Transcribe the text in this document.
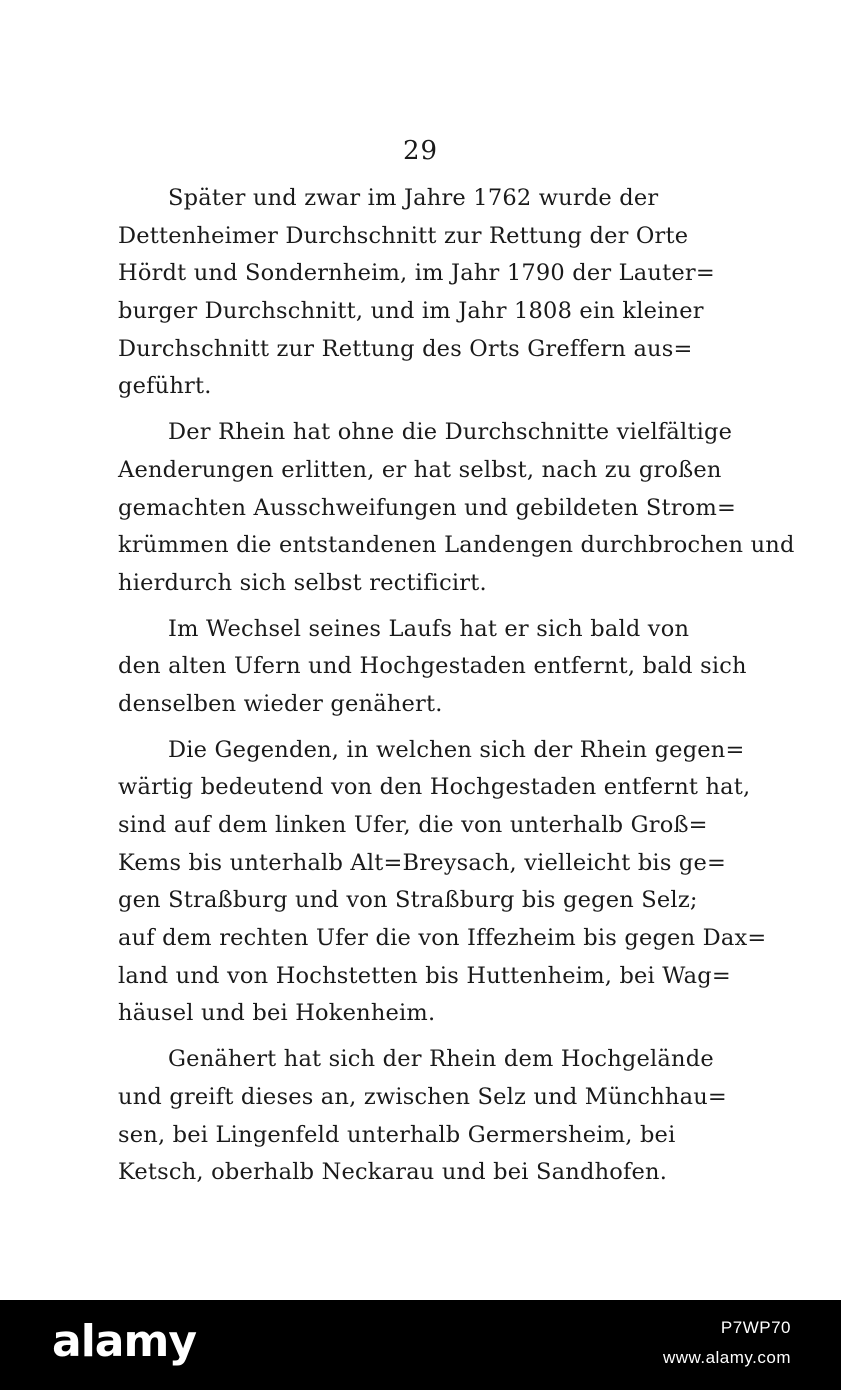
29
Später und zwar im Jahre 1762 wurde der
Dettenheimer Durchschnitt zur Rettung der Orte
Hördt und Sondernheim, im Jahr 1790 der Lauter=
burger Durchschnitt, und im Jahr 1808 ein kleiner
Durchschnitt zur Rettung des Orts Greffern aus=
geführt.
Der Rhein hat ohne die Durchschnitte vielfältige
Aenderungen erlitten, er hat selbst, nach zu großen
gemachten Ausschweifungen und gebildeten Strom=
krümmen die entstandenen Landengen durchbrochen und
hierdurch sich selbst rectificirt.
Im Wechsel seines Laufs hat er sich bald von
den alten Ufern und Hochgestaden entfernt, bald sich
denselben wieder genähert.
Die Gegenden, in welchen sich der Rhein gegen=
wärtig bedeutend von den Hochgestaden entfernt hat,
sind auf dem linken Ufer, die von unterhalb Groß=
Kems bis unterhalb Alt=Breysach, vielleicht bis ge=
gen Straßburg und von Straßburg bis gegen Selz;
auf dem rechten Ufer die von Iffezheim bis gegen Dax=
land und von Hochstetten bis Huttenheim, bei Wag=
häusel und bei Hokenheim.
Genähert hat sich der Rhein dem Hochgelände
und greift dieses an, zwischen Selz und Münchhau=
sen, bei Lingenfeld unterhalb Germersheim, bei
Ketsch, oberhalb Neckarau und bei Sandhofen.
alamy	P7WP70
www.alamy.com
